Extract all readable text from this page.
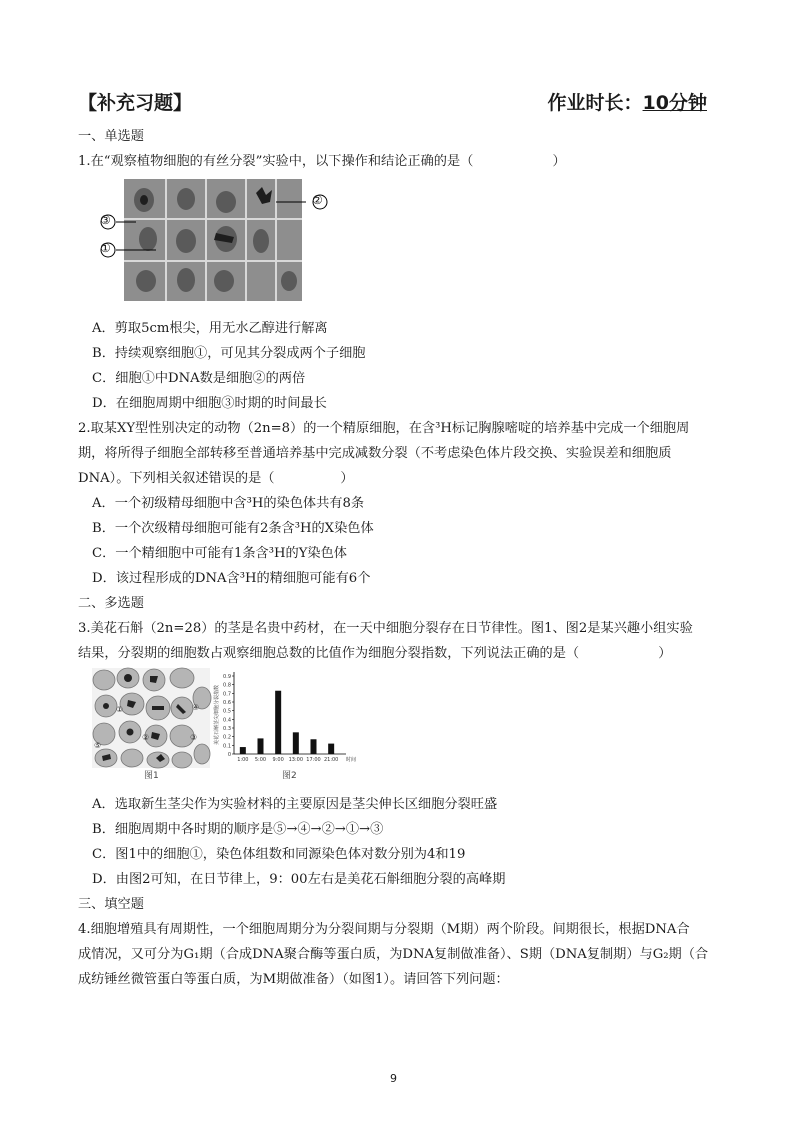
【补充习题】	作业时长：10分钟
一、单选题
1.在“观察植物细胞的有丝分裂”实验中，以下操作和结论正确的是（　　　　　　）
③
①
②
A．剪取5cm根尖，用无水乙醇进行解离
B．持续观察细胞①，可见其分裂成两个子细胞
C．细胞①中DNA数是细胞②的两倍
D．在细胞周期中细胞③时期的时间最长
2.取某XY型性别决定的动物（2n=8）的一个精原细胞，在含³H标记胸腺嘧啶的培养基中完成一个细胞周
期，将所得子细胞全部转移至普通培养基中完成减数分裂（不考虑染色体片段交换、实验误差和细胞质
DNA）。下列相关叙述错误的是（　　　　　）
A．一个初级精母细胞中含³H的染色体共有8条
B．一个次级精母细胞可能有2条含³H的X染色体
C．一个精细胞中可能有1条含³H的Y染色体
D．该过程形成的DNA含³H的精细胞可能有6个
二、多选题
3.美花石斛（2n=28）的茎是名贵中药材，在一天中细胞分裂存在日节律性。图1、图2是某兴趣小组实验
结果，分裂期的细胞数占观察细胞总数的比值作为细胞分裂指数，下列说法正确的是（　　　　　　）
①
②	③
④
⑤
图1
0
0.1
0.2
0.3
0.4
0.5
0.6
0.7
0.8
0.9
美花石斛茎尖细胞分裂指数
1:00 5:00 9:00 13:00 17:00 21:00 时间
图2
A．选取新生茎尖作为实验材料的主要原因是茎尖伸长区细胞分裂旺盛
B．细胞周期中各时期的顺序是⑤→④→②→①→③
C．图1中的细胞①，染色体组数和同源染色体对数分别为4和19
D．由图2可知，在日节律上，9：00左右是美花石斛细胞分裂的高峰期
三、填空题
4.细胞增殖具有周期性，一个细胞周期分为分裂间期与分裂期（M期）两个阶段。间期很长，根据DNA合
成情况，又可分为G₁期（合成DNA聚合酶等蛋白质，为DNA复制做准备）、S期（DNA复制期）与G₂期（合
成纺锤丝微管蛋白等蛋白质，为M期做准备）（如图1）。请回答下列问题：
9
